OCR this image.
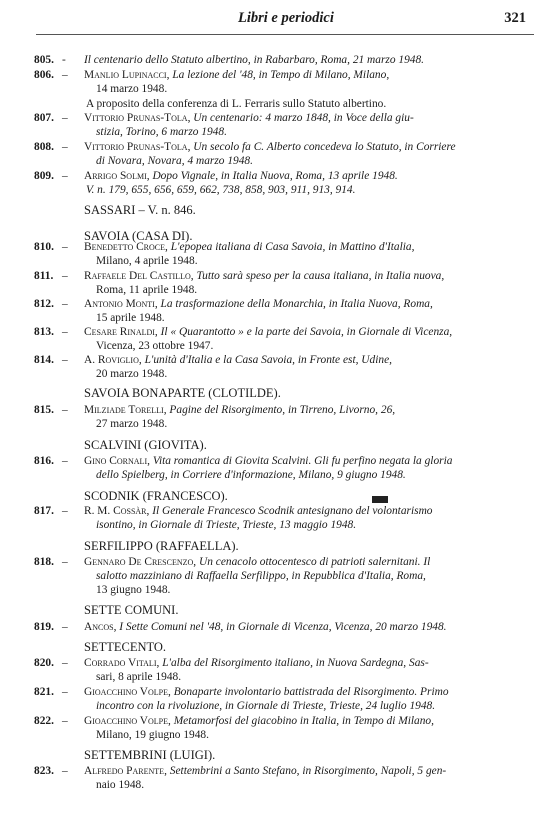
Libri e periodici	321
805. - Il centenario dello Statuto albertino, in Rabarbaro, Roma, 21 marzo 1948.
806. – Manlio Lupinacci, La lezione del '48, in Tempo di Milano, Milano,
14 marzo 1948.
A proposito della conferenza di L. Ferraris sullo Statuto albertino.
807. – Vittorio Prunas-Tola, Un centenario: 4 marzo 1848, in Voce della giu-
stizia, Torino, 6 marzo 1948.
808. – Vittorio Prunas-Tola, Un secolo fa C. Alberto concedeva lo Statuto, in Corriere
di Novara, Novara, 4 marzo 1948.
809. – Arrigo Solmi, Dopo Vignale, in Italia Nuova, Roma, 13 aprile 1948.
V. n. 179, 655, 656, 659, 662, 738, 858, 903, 911, 913, 914.
SASSARI – V. n. 846.
SAVOIA (CASA DI).
810. – Benedetto Croce, L'epopea italiana di Casa Savoia, in Mattino d'Italia,
Milano, 4 aprile 1948.
811. – Raffaele Del Castillo, Tutto sarà speso per la causa italiana, in Italia nuova,
Roma, 11 aprile 1948.
812. – Antonio Monti, La trasformazione della Monarchia, in Italia Nuova, Roma,
15 aprile 1948.
813. – Cesare Rinaldi, Il « Quarantotto » e la parte dei Savoia, in Giornale di Vicenza,
Vicenza, 23 ottobre 1947.
814. – A. Roviglio, L'unità d'Italia e la Casa Savoia, in Fronte est, Udine,
20 marzo 1948.
SAVOIA BONAPARTE (CLOTILDE).
815. – Milziade Torelli, Pagine del Risorgimento, in Tirreno, Livorno, 26,
27 marzo 1948.
SCALVINI (GIOVITA).
816. – Gino Cornali, Vita romantica di Giovita Scalvini. Gli fu perfino negata la gloria
dello Spielberg, in Corriere d'informazione, Milano, 9 giugno 1948.
SCODNIK (FRANCESCO).
817. – R. M. Cossàr, Il Generale Francesco Scodnik antesignano del volontarismo
isontino, in Giornale di Trieste, Trieste, 13 maggio 1948.
SERFILIPPO (RAFFAELLA).
818. – Gennaro De Crescenzo, Un cenacolo ottocentesco di patrioti salernitani. Il
salotto mazziniano di Raffaella Serfilippo, in Repubblica d'Italia, Roma,
13 giugno 1948.
SETTE COMUNI.
819. – Ancos, I Sette Comuni nel '48, in Giornale di Vicenza, Vicenza, 20 marzo 1948.
SETTECENTO.
820. – Corrado Vitali, L'alba del Risorgimento italiano, in Nuova Sardegna, Sas-
sari, 8 aprile 1948.
821. – Gioacchino Volpe, Bonaparte involontario battistrada del Risorgimento. Primo
incontro con la rivoluzione, in Giornale di Trieste, Trieste, 24 luglio 1948.
822. – Gioacchino Volpe, Metamorfosi del giacobino in Italia, in Tempo di Milano,
Milano, 19 giugno 1948.
SETTEMBRINI (LUIGI).
823. – Alfredo Parente, Settembrini a Santo Stefano, in Risorgimento, Napoli, 5 gen-
naio 1948.
